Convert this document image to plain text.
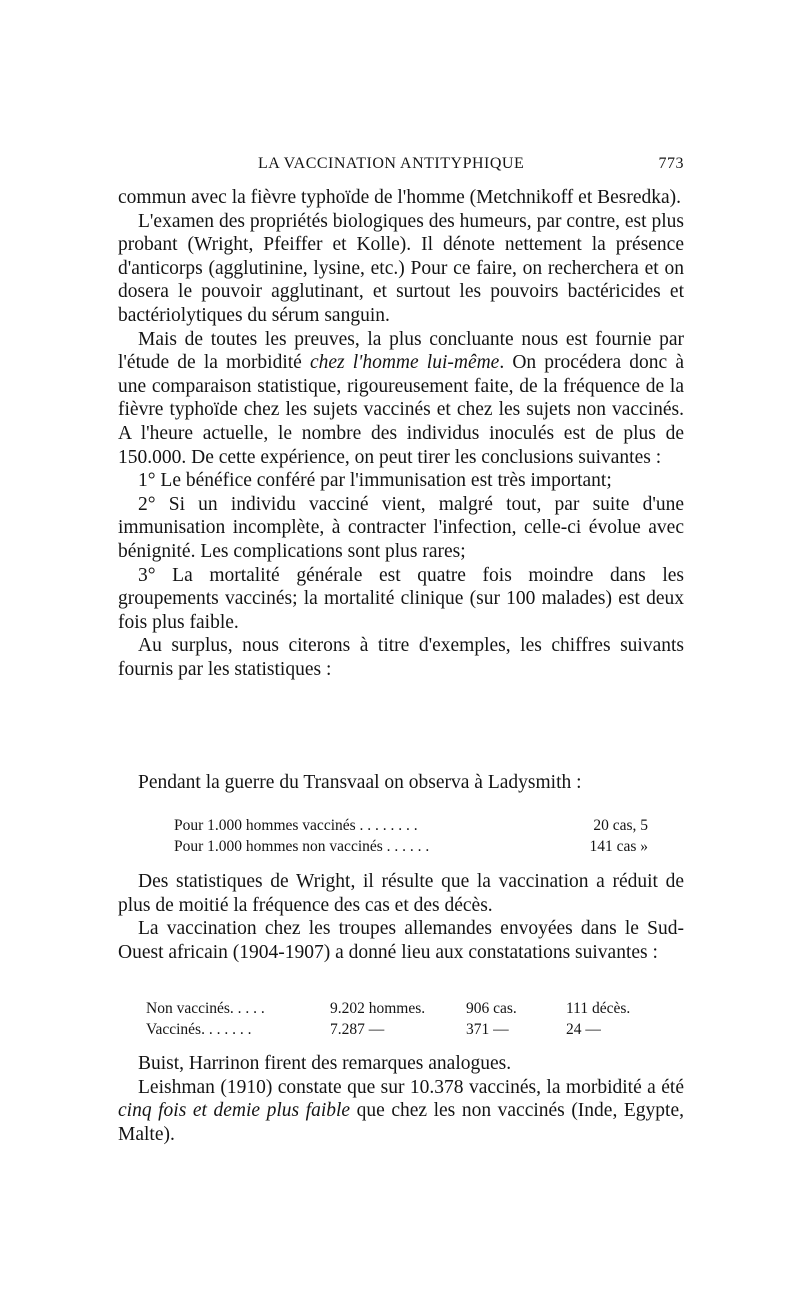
LA VACCINATION ANTITYPHIQUE	773

commun avec la fièvre typhoïde de l'homme (Metchnikoff et Besredka).

L'examen des propriétés biologiques des humeurs, par contre, est plus probant (Wright, Pfeiffer et Kolle). Il dénote nettement la présence d'anticorps (agglutinine, lysine, etc.) Pour ce faire, on recherchera et on dosera le pouvoir agglutinant, et surtout les pouvoirs bactéricides et bactériolytiques du sérum sanguin.

Mais de toutes les preuves, la plus concluante nous est fournie par l'étude de la morbidité chez l'homme lui-même. On procédera donc à une comparaison statistique, rigoureusement faite, de la fréquence de la fièvre typhoïde chez les sujets vaccinés et chez les sujets non vaccinés. A l'heure actuelle, le nombre des individus inoculés est de plus de 150.000. De cette expérience, on peut tirer les conclusions suivantes :

1° Le bénéfice conféré par l'immunisation est très important;

2° Si un individu vacciné vient, malgré tout, par suite d'une immunisation incomplète, à contracter l'infection, celle-ci évolue avec bénignité. Les complications sont plus rares;

3° La mortalité générale est quatre fois moindre dans les groupements vaccinés; la mortalité clinique (sur 100 malades) est deux fois plus faible.

Au surplus, nous citerons à titre d'exemples, les chiffres suivants fournis par les statistiques :

Pendant la guerre du Transvaal on observa à Ladysmith :
Pour 1.000 hommes vaccinés . . . . . . . .	20 cas, 5
Pour 1.000 hommes non vaccinés . . . . . .	141 cas »

Des statistiques de Wright, il résulte que la vaccination a réduit de plus de moitié la fréquence des cas et des décès.

La vaccination chez les troupes allemandes envoyées dans le Sud-Ouest africain (1904-1907) a donné lieu aux constatations suivantes :

Non vaccinés. . . . .	9.202 hommes.	906 cas.	111 décès.
Vaccinés. . . . . . .	7.287 —	371 —	24 —

Buist, Harrinon firent des remarques analogues.

Leishman (1910) constate que sur 10.378 vaccinés, la morbidité a été cinq fois et demie plus faible que chez les non vaccinés (Inde, Egypte, Malte).
